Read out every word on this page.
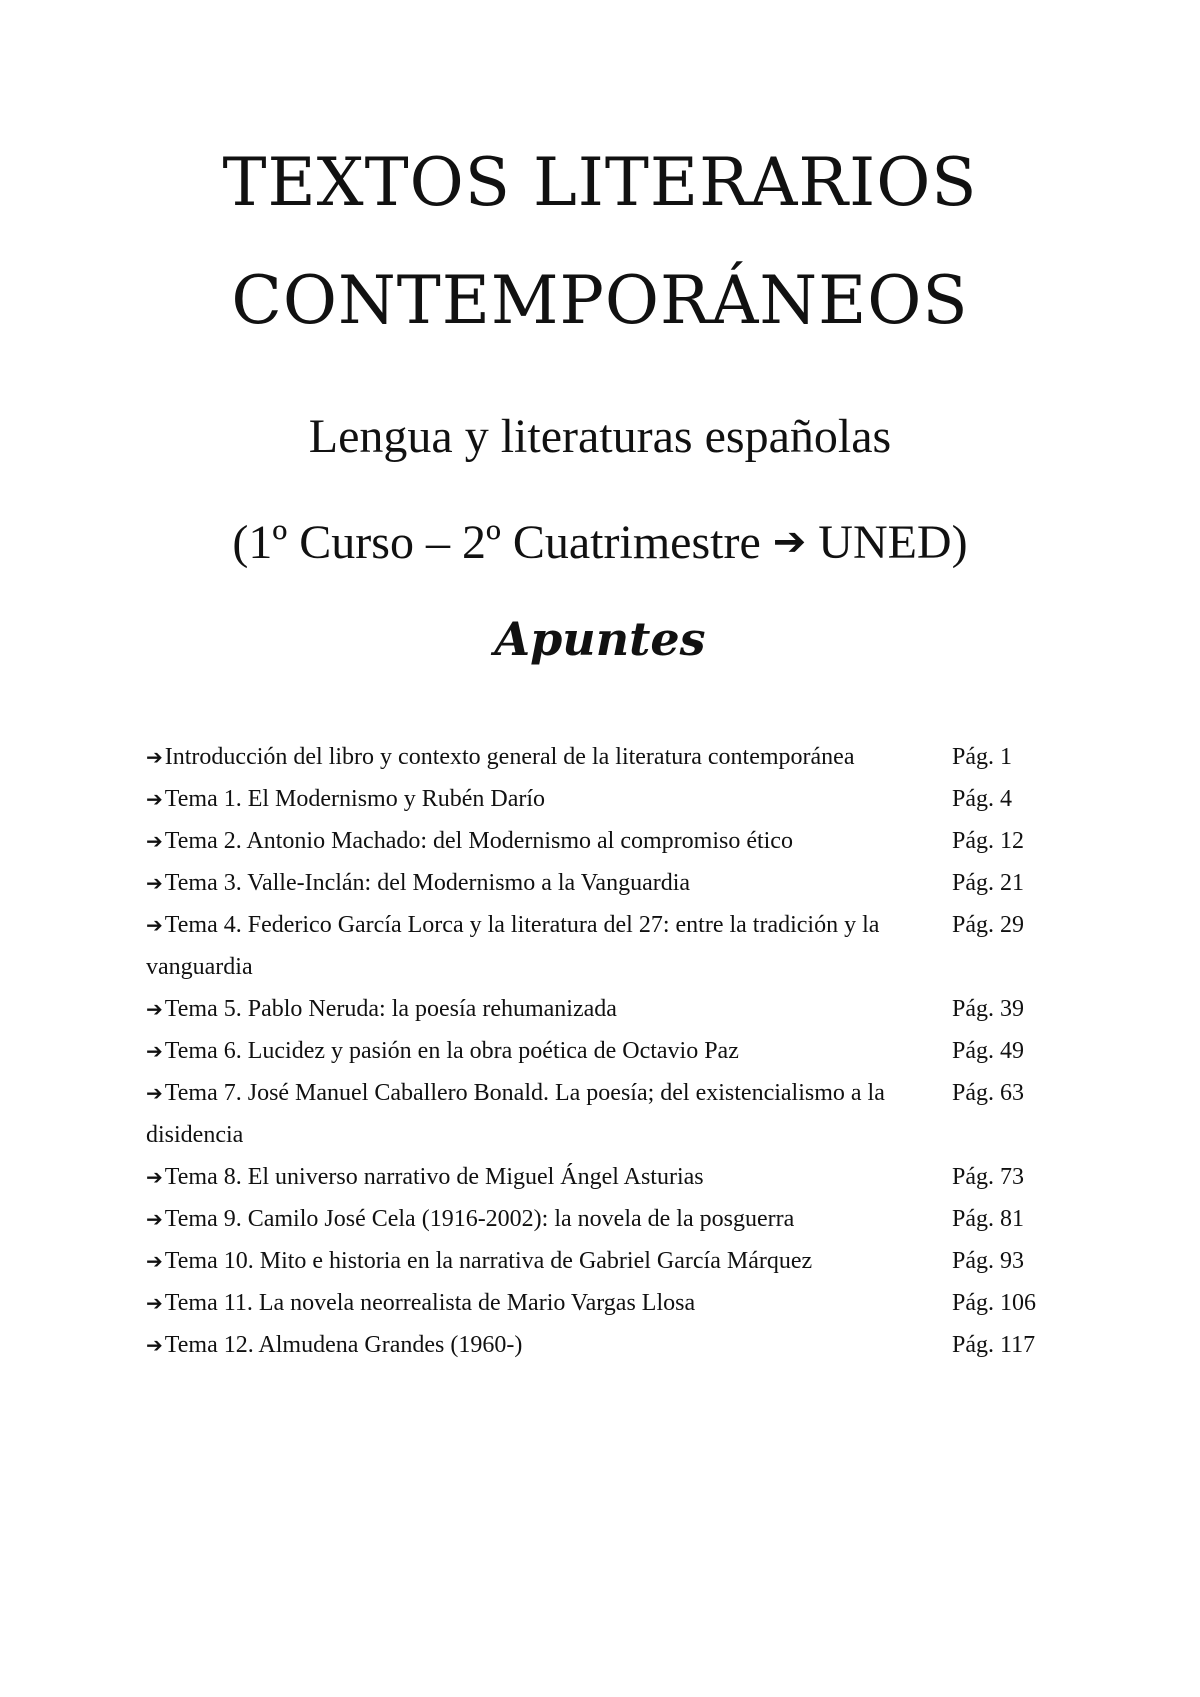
TEXTOS LITERARIOS
CONTEMPORÁNEOS
Lengua y literaturas españolas
(1º Curso – 2º Cuatrimestre ➔ UNED)
Apuntes
➔Introducción del libro y contexto general de la literatura contemporánea	Pág. 1
➔Tema 1. El Modernismo y Rubén Darío	Pág. 4
➔Tema 2. Antonio Machado: del Modernismo al compromiso ético	Pág. 12
➔Tema 3. Valle-Inclán: del Modernismo a la Vanguardia	Pág. 21
➔Tema 4. Federico García Lorca y la literatura del 27: entre la tradición y la vanguardia
Pág. 29
➔Tema 5. Pablo Neruda: la poesía rehumanizada	Pág. 39
➔Tema 6. Lucidez y pasión en la obra poética de Octavio Paz	Pág. 49
➔Tema 7. José Manuel Caballero Bonald. La poesía; del existencialismo a la disidencia
Pág. 63
➔Tema 8. El universo narrativo de Miguel Ángel Asturias	Pág. 73
➔Tema 9. Camilo José Cela (1916-2002): la novela de la posguerra	Pág. 81
➔Tema 10. Mito e historia en la narrativa de Gabriel García Márquez	Pág. 93
➔Tema 11. La novela neorrealista de Mario Vargas Llosa	Pág. 106
➔Tema 12. Almudena Grandes (1960-)	Pág. 117
